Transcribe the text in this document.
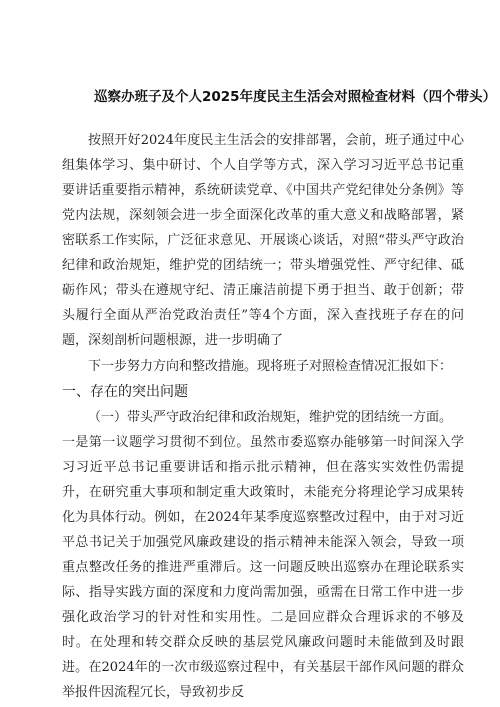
巡察办班子及个人2025年度民主生活会对照检查材料（四个带头）

按照开好2024年度民主生活会的安排部署，会前，班子通过中心组集体学习、集中研讨、个人自学等方式，深入学习习近平总书记重要讲话重要指示精神，系统研读党章、《中国共产党纪律处分条例》等党内法规，深刻领会进一步全面深化改革的重大意义和战略部署，紧密联系工作实际，广泛征求意见、开展谈心谈话，对照“带头严守政治纪律和政治规矩，维护党的团结统一；带头增强党性、严守纪律、砥砺作风；带头在遵规守纪、清正廉洁前提下勇于担当、敢于创新；带头履行全面从严治党政治责任”等4个方面，深入查找班子存在的问题，深刻剖析问题根源，进一步明确了

下一步努力方向和整改措施。现将班子对照检查情况汇报如下：

一、存在的突出问题

（一）带头严守政治纪律和政治规矩，维护党的团结统一方面。

一是第一议题学习贯彻不到位。虽然市委巡察办能够第一时间深入学习习近平总书记重要讲话和指示批示精神，但在落实实效性仍需提升，在研究重大事项和制定重大政策时，未能充分将理论学习成果转化为具体行动。例如，在2024年某季度巡察整改过程中，由于对习近平总书记关于加强党风廉政建设的指示精神未能深入领会，导致一项重点整改任务的推进严重滞后。这一问题反映出巡察办在理论联系实际、指导实践方面的深度和力度尚需加强，亟需在日常工作中进一步强化政治学习的针对性和实用性。二是回应群众合理诉求的不够及时。在处理和转交群众反映的基层党风廉政问题时未能做到及时跟进。在2024年的一次市级巡察过程中，有关基层干部作风问题的群众举报件因流程冗长，导致初步反
